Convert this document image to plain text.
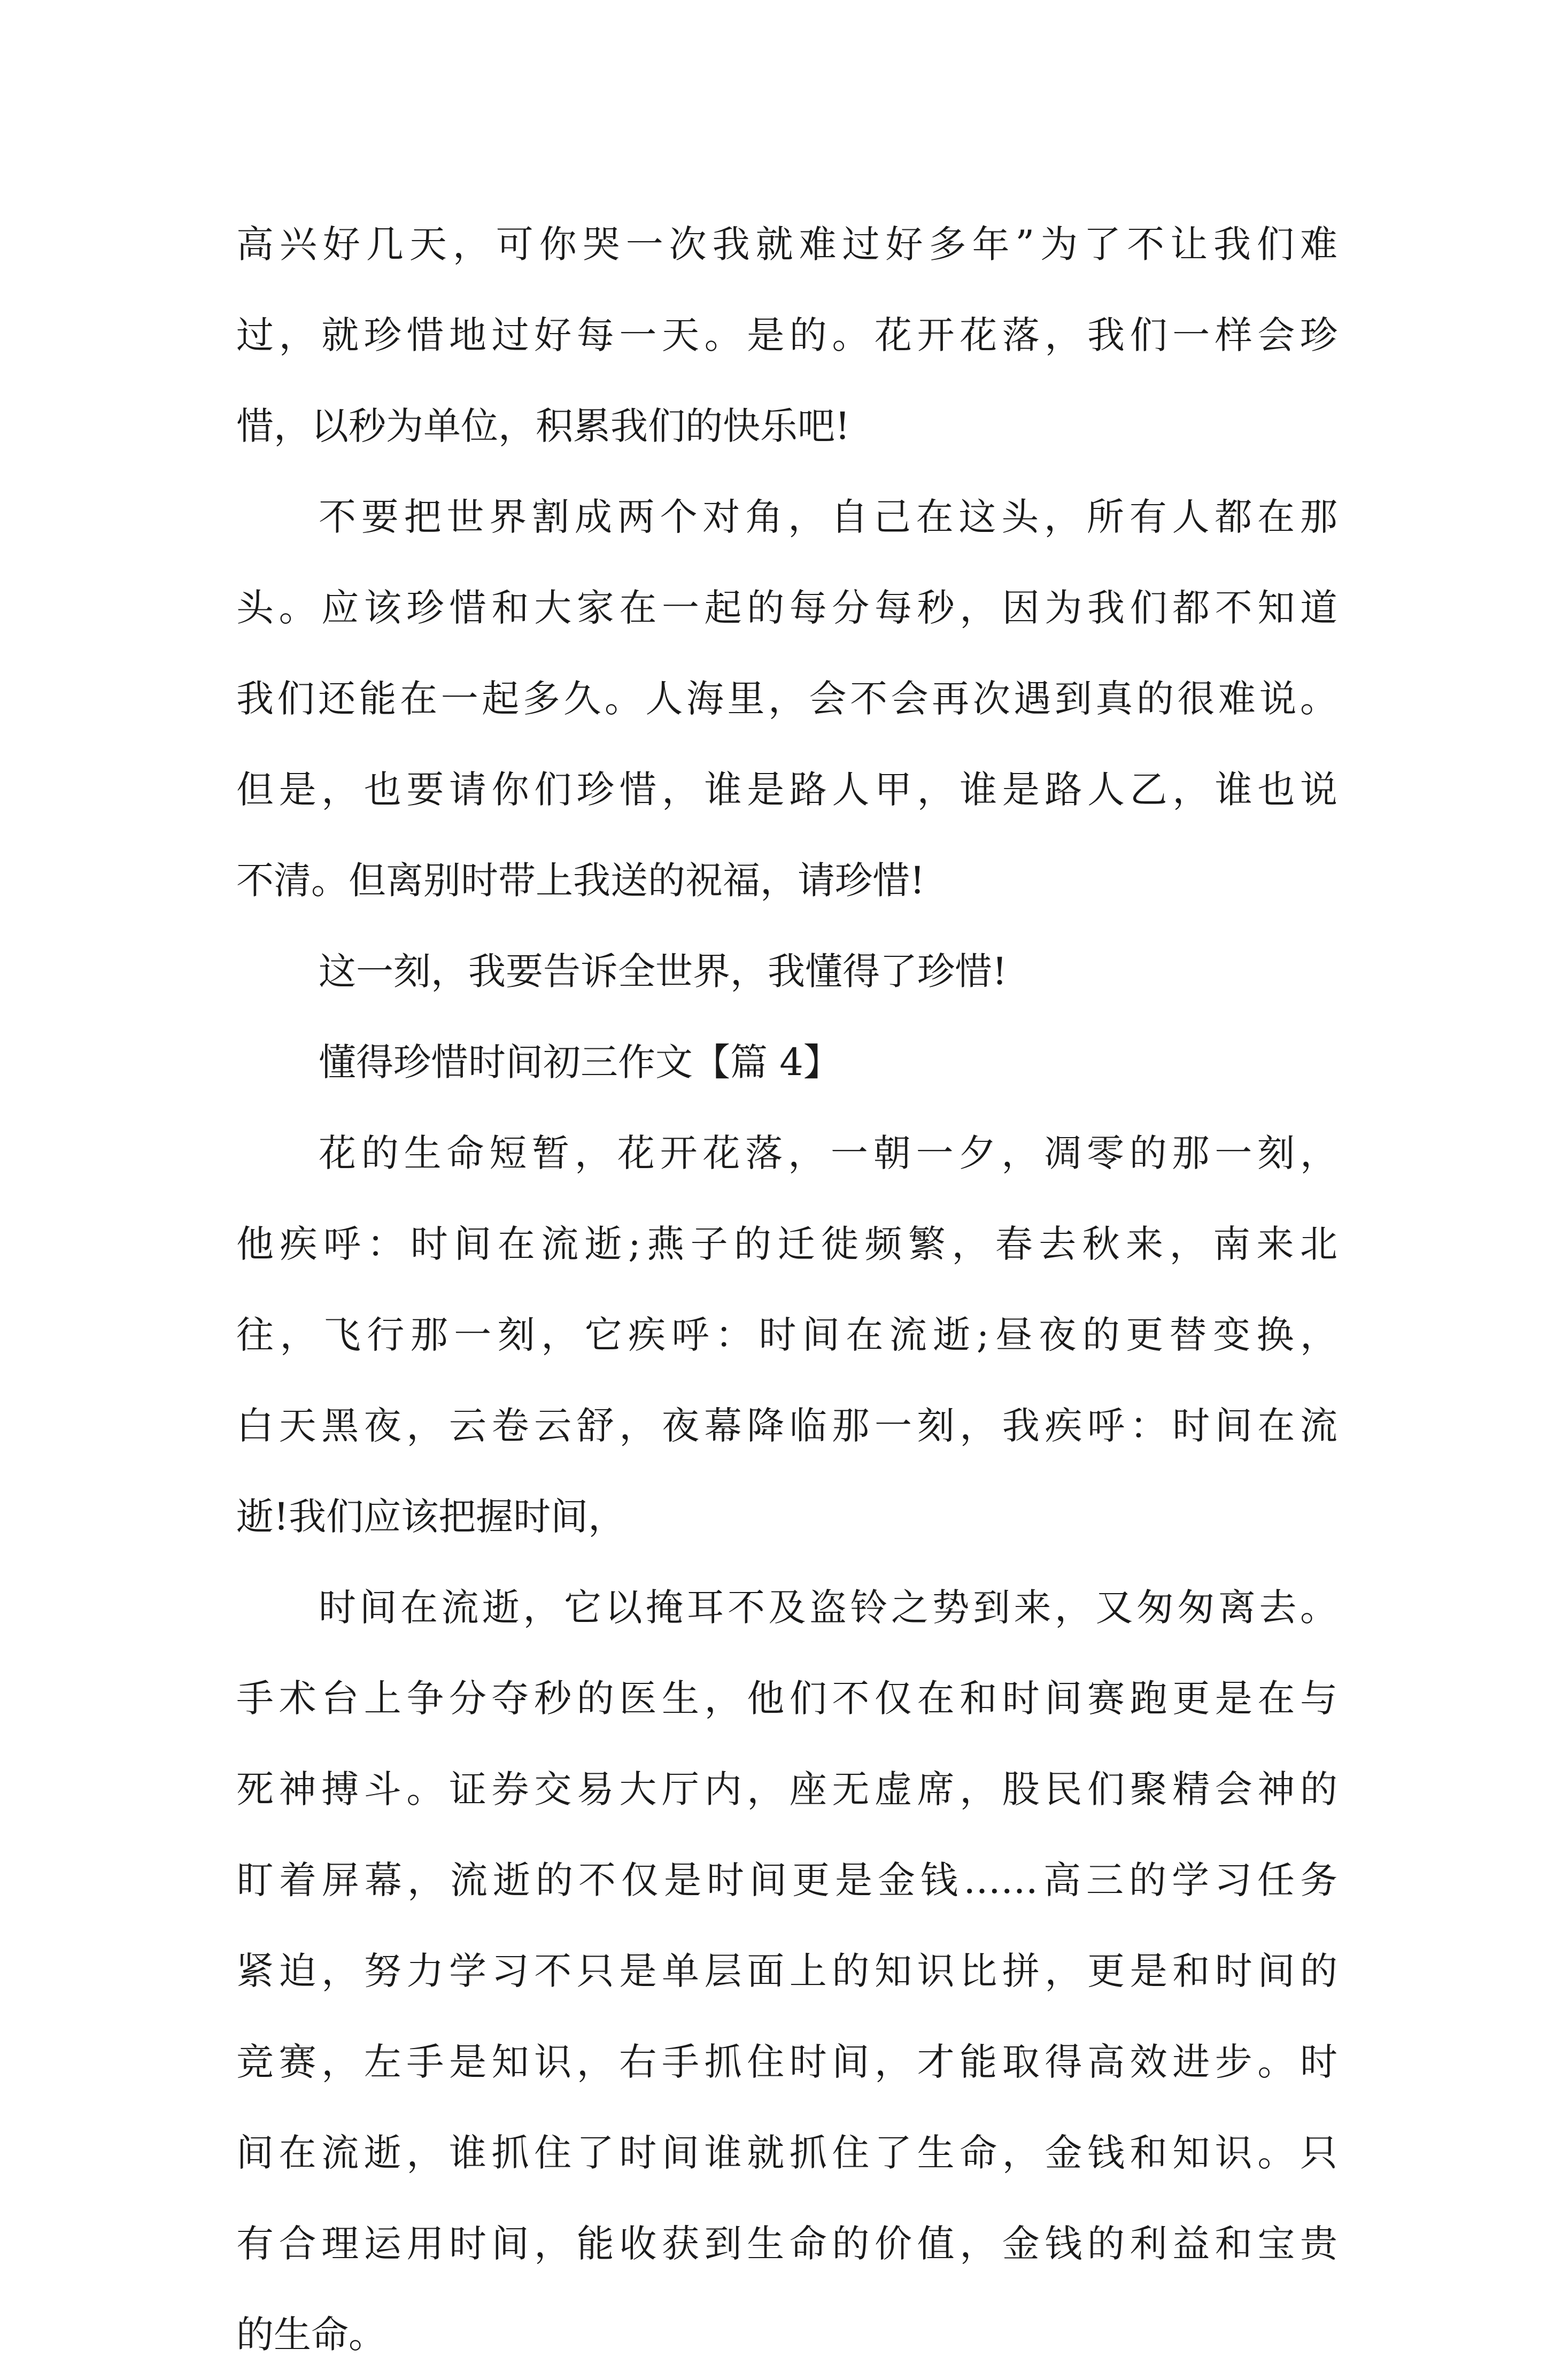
高兴好几天，可你哭一次我就难过好多年”为了不让我们难
过，就珍惜地过好每一天。是的。花开花落，我们一样会珍
惜，以秒为单位，积累我们的快乐吧!
不要把世界割成两个对角，自己在这头，所有人都在那
头。应该珍惜和大家在一起的每分每秒，因为我们都不知道
我们还能在一起多久。人海里，会不会再次遇到真的很难说。
但是，也要请你们珍惜，谁是路人甲，谁是路人乙，谁也说
不清。但离别时带上我送的祝福，请珍惜!
这一刻，我要告诉全世界，我懂得了珍惜!
懂得珍惜时间初三作文【篇 4】
花的生命短暂，花开花落，一朝一夕，凋零的那一刻，
他疾呼：时间在流逝;燕子的迁徙频繁，春去秋来，南来北
往，飞行那一刻，它疾呼：时间在流逝;昼夜的更替变换，
白天黑夜，云卷云舒，夜幕降临那一刻，我疾呼：时间在流
逝!我们应该把握时间，
时间在流逝，它以掩耳不及盗铃之势到来，又匆匆离去。
手术台上争分夺秒的医生，他们不仅在和时间赛跑更是在与
死神搏斗。证券交易大厅内，座无虚席，股民们聚精会神的
盯着屏幕，流逝的不仅是时间更是金钱……高三的学习任务
紧迫，努力学习不只是单层面上的知识比拼，更是和时间的
竞赛，左手是知识，右手抓住时间，才能取得高效进步。时
间在流逝，谁抓住了时间谁就抓住了生命，金钱和知识。只
有合理运用时间，能收获到生命的价值，金钱的利益和宝贵
的生命。
